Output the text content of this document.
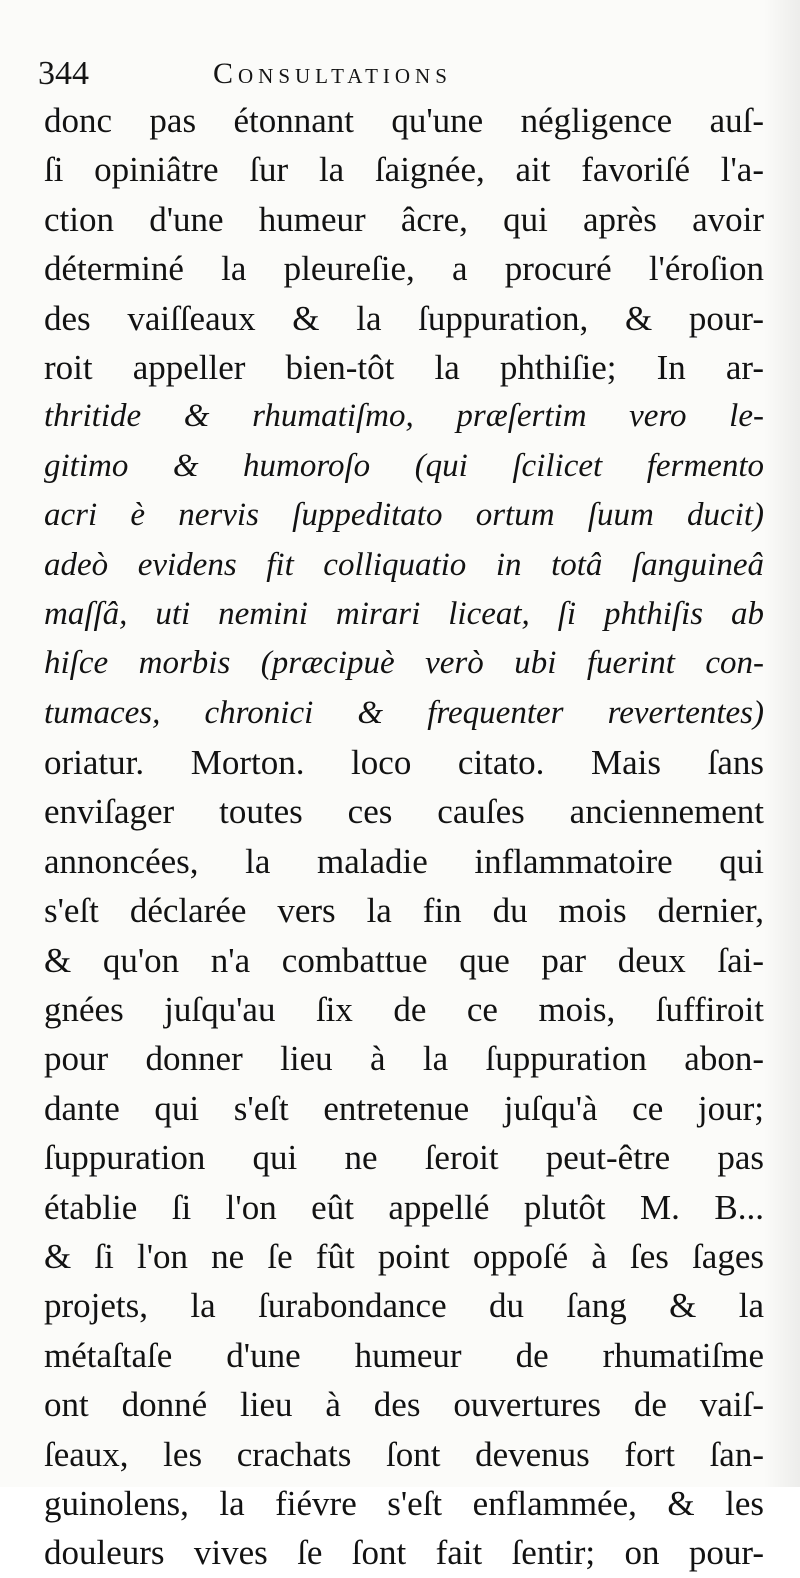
344	Consultations
donc pas étonnant qu'une négligence auſ-
ſi opiniâtre ſur la ſaignée, ait favoriſé l'a-
ction d'une humeur âcre, qui après avoir
déterminé la pleureſie, a procuré l'éroſion
des vaiſſeaux & la ſuppuration, & pour-
roit appeller bien-tôt la phthiſie; In ar-
thritide & rhumatiſmo, præſertim vero le-
gitimo & humoroſo (qui ſcilicet fermento
acri è nervis ſuppeditato ortum ſuum ducit)
adeò evidens fit colliquatio in totâ ſanguineâ
maſſâ, uti nemini mirari liceat, ſi phthiſis ab
hiſce morbis (præcipuè verò ubi fuerint con-
tumaces, chronici & frequenter revertentes)
oriatur. Morton. loco citato. Mais ſans
enviſager toutes ces cauſes anciennement
annoncées, la maladie inflammatoire qui
s'eſt déclarée vers la fin du mois dernier,
& qu'on n'a combattue que par deux ſai-
gnées juſqu'au ſix de ce mois, ſuffiroit
pour donner lieu à la ſuppuration abon-
dante qui s'eſt entretenue juſqu'à ce jour;
ſuppuration qui ne ſeroit peut-être pas
établie ſi l'on eût appellé plutôt M. B...
& ſi l'on ne ſe fût point oppoſé à ſes ſages
projets, la ſurabondance du ſang & la
métaſtaſe d'une humeur de rhumatiſme
ont donné lieu à des ouvertures de vaiſ-
ſeaux, les crachats ſont devenus fort ſan-
guinolens, la fiévre s'eſt enflammée, & les
douleurs vives ſe ſont fait ſentir; on pour-
